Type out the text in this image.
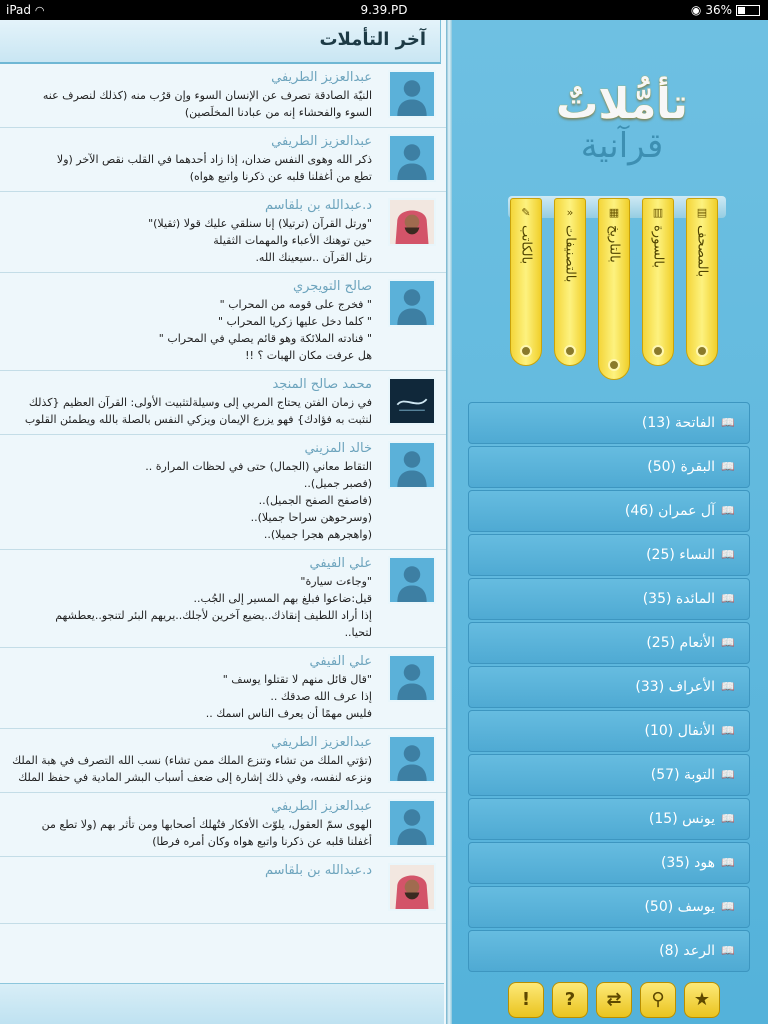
iPad ◠	9.39.PD	◉ 36%
آخر التأملات
عبدالعزيز الطريفي
النيّة الصادقة تصرف عن الإنسان السوء وإن قرُب منه (كذلك لنصرف عنه
السوء والفحشاء إنه من عبادنا المخلَصين)
عبدالعزيز الطريفي
ذكر الله وهوى النفس ضدان، إذا زاد أحدهما في القلب نقص الآخر (ولا
تطع من أغفلنا قلبه عن ذكرنا واتبع هواه)
د.عبدالله بن بلقاسم
"ورتل القرآن (ترتيلا) إنا سنلقي عليك قولا (ثقيلا)"
حين توهنك الأعباء والمهمات الثقيلة
رتل القرآن ..سيعينك الله.
صالح التويجري
" فخرج على قومه من المحراب "
" كلما دخل عليها زكريا المحراب "
" فنادته الملائكة وهو قائم يصلي في المحراب "
هل عرفت مكان الهبات ؟ !!
محمد صالح المنجد
في زمان الفتن يحتاج المربي إلى وسيلةلتثبيت الأولى: القرآن العظيم {كذلك
لنثبت به فؤادك} فهو يزرع الإيمان ويزكي النفس بالصلة بالله ويطمئن القلوب
خالد المزيني
التقاط معاني (الجمال) حتى في لحظات المرارة ..
(فصبر جميل)..
(فاصفح الصفح الجميل)..
(وسرحوهن سراحا جميلا)..
(واهجرهم هجرا جميلا)..
علي الفيفي
"وجاءت سيارة"
قيل:ضاعوا فبلغ بهم المسير إلى الجُب..
إذا أراد اللطيف إنقاذك..يضيع آخرين لأجلك..يريهم البئر لتنجو..يعطشهم
لتحيا..
علي الفيفي
"قال قائل منهم لا تقتلوا يوسف "
إذا عرف الله صدقك ..
فليس مهمًا أن يعرف الناس اسمك ..
عبدالعزيز الطريفي
(تؤتي الملك من تشاء وتنزع الملك ممن تشاء) نسب الله التصرف في هبة الملك
ونزعه لنفسه، وفي ذلك إشارة إلى ضعف أسباب البشر المادية في حفظ الملك
عبدالعزيز الطريفي
الهوى سمّ العقول، يلوّث الأفكار فتُهلك أصحابها ومن تأثر بهم (ولا تطع من
أغفلنا قلبه عن ذكرنا واتبع هواه وكان أمره فرطا)
د.عبدالله بن بلقاسم
تأمُّلاتٌ
قرآنية
▤
بالمصحف
▥
بالسورة
▦
بالتاريخ
»
بالتصنيفات
✎
بالكاتب
📖
الفاتحة (13)
📖
البقرة (50)
📖
آل عمران (46)
📖
النساء (25)
📖
المائدة (35)
📖
الأنعام (25)
📖
الأعراف (33)
📖
الأنفال (10)
📖
التوبة (57)
📖
يونس (15)
📖
هود (35)
📖
يوسف (50)
📖
الرعد (8)
!	?	⇄	⚲	★
